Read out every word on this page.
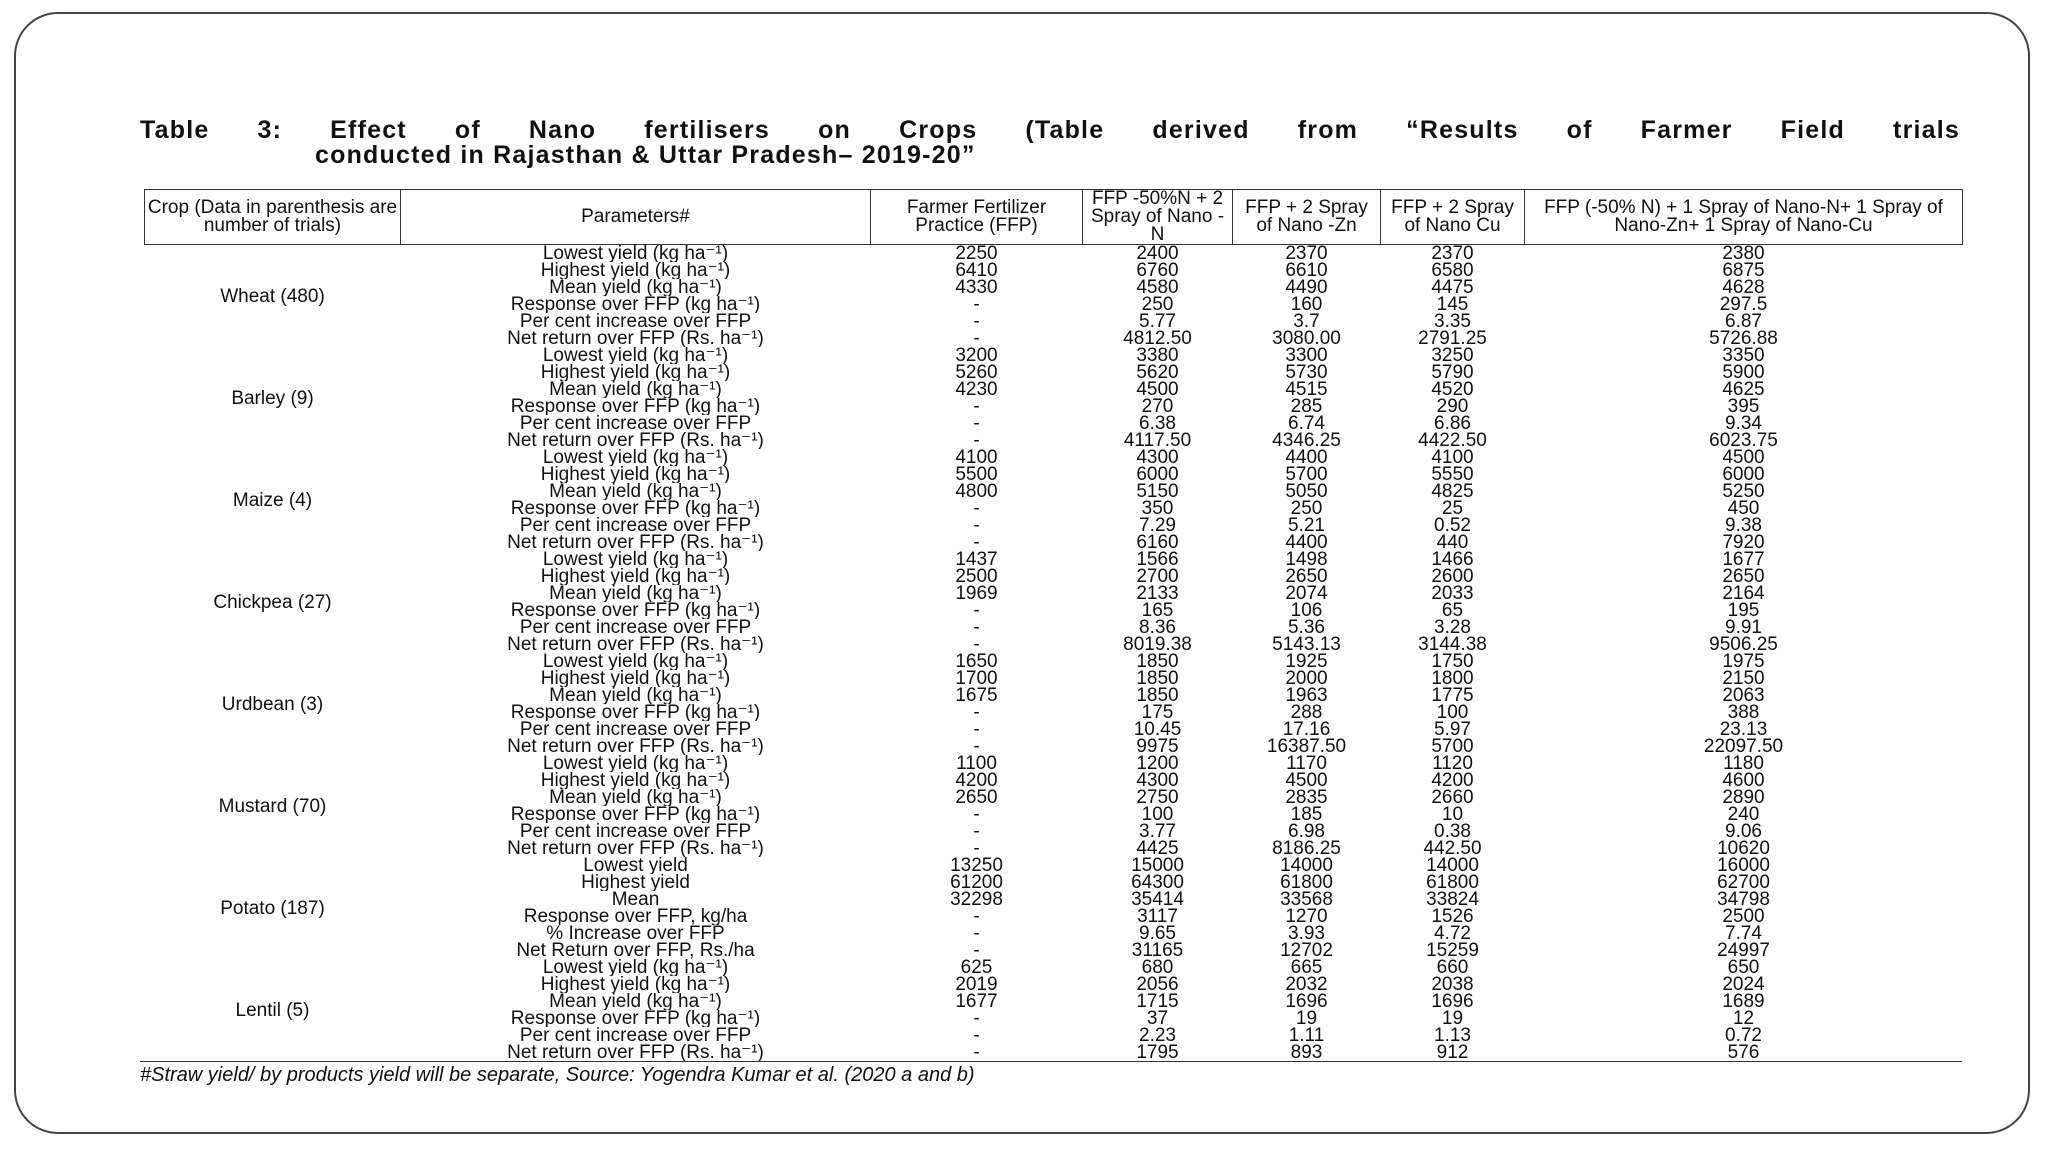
Table 3: Effect of Nano fertilisers on Crops (Table derived from “Results of Farmer Field trials
conducted in Rajasthan & Uttar Pradesh– 2019-20”
Crop (Data in parenthesis are number of trials)	Parameters#	Farmer Fertilizer Practice (FFP)	FFP -50%N + 2 Spray of Nano -N	FFP + 2 Spray of Nano -Zn	FFP + 2 Spray of Nano Cu	FFP (-50% N) + 1 Spray of Nano-N+ 1 Spray of Nano-Zn+ 1 Spray of Nano-Cu
Wheat (480)	Lowest yield (kg ha⁻¹)	2250	2400	2370	2370	2380
	Highest yield (kg ha⁻¹)	6410	6760	6610	6580	6875
	Mean yield (kg ha⁻¹)	4330	4580	4490	4475	4628
	Response over FFP (kg ha⁻¹)	-	250	160	145	297.5
	Per cent increase over FFP	-	5.77	3.7	3.35	6.87
	Net return over FFP (Rs. ha⁻¹)	-	4812.50	3080.00	2791.25	5726.88
Barley (9)	Lowest yield (kg ha⁻¹)	3200	3380	3300	3250	3350
	Highest yield (kg ha⁻¹)	5260	5620	5730	5790	5900
	Mean yield (kg ha⁻¹)	4230	4500	4515	4520	4625
	Response over FFP (kg ha⁻¹)	-	270	285	290	395
	Per cent increase over FFP	-	6.38	6.74	6.86	9.34
	Net return over FFP (Rs. ha⁻¹)	-	4117.50	4346.25	4422.50	6023.75
Maize (4)	Lowest yield (kg ha⁻¹)	4100	4300	4400	4100	4500
	Highest yield (kg ha⁻¹)	5500	6000	5700	5550	6000
	Mean yield (kg ha⁻¹)	4800	5150	5050	4825	5250
	Response over FFP (kg ha⁻¹)	-	350	250	25	450
	Per cent increase over FFP	-	7.29	5.21	0.52	9.38
	Net return over FFP (Rs. ha⁻¹)	-	6160	4400	440	7920
Chickpea (27)	Lowest yield (kg ha⁻¹)	1437	1566	1498	1466	1677
	Highest yield (kg ha⁻¹)	2500	2700	2650	2600	2650
	Mean yield (kg ha⁻¹)	1969	2133	2074	2033	2164
	Response over FFP (kg ha⁻¹)	-	165	106	65	195
	Per cent increase over FFP	-	8.36	5.36	3.28	9.91
	Net return over FFP (Rs. ha⁻¹)	-	8019.38	5143.13	3144.38	9506.25
Urdbean (3)	Lowest yield (kg ha⁻¹)	1650	1850	1925	1750	1975
	Highest yield (kg ha⁻¹)	1700	1850	2000	1800	2150
	Mean yield (kg ha⁻¹)	1675	1850	1963	1775	2063
	Response over FFP (kg ha⁻¹)	-	175	288	100	388
	Per cent increase over FFP	-	10.45	17.16	5.97	23.13
	Net return over FFP (Rs. ha⁻¹)	-	9975	16387.50	5700	22097.50
Mustard (70)	Lowest yield (kg ha⁻¹)	1100	1200	1170	1120	1180
	Highest yield (kg ha⁻¹)	4200	4300	4500	4200	4600
	Mean yield (kg ha⁻¹)	2650	2750	2835	2660	2890
	Response over FFP (kg ha⁻¹)	-	100	185	10	240
	Per cent increase over FFP	-	3.77	6.98	0.38	9.06
	Net return over FFP (Rs. ha⁻¹)	-	4425	8186.25	442.50	10620
Potato (187)	Lowest yield	13250	15000	14000	14000	16000
	Highest yield	61200	64300	61800	61800	62700
	Mean	32298	35414	33568	33824	34798
	Response over FFP, kg/ha	-	3117	1270	1526	2500
	% Increase over FFP	-	9.65	3.93	4.72	7.74
	Net Return over FFP, Rs./ha	-	31165	12702	15259	24997
Lentil (5)	Lowest yield (kg ha⁻¹)	625	680	665	660	650
	Highest yield (kg ha⁻¹)	2019	2056	2032	2038	2024
	Mean yield (kg ha⁻¹)	1677	1715	1696	1696	1689
	Response over FFP (kg ha⁻¹)	-	37	19	19	12
	Per cent increase over FFP	-	2.23	1.11	1.13	0.72
	Net return over FFP (Rs. ha⁻¹)	-	1795	893	912	576
#Straw yield/ by products yield will be separate, Source: Yogendra Kumar et al. (2020 a and b)
